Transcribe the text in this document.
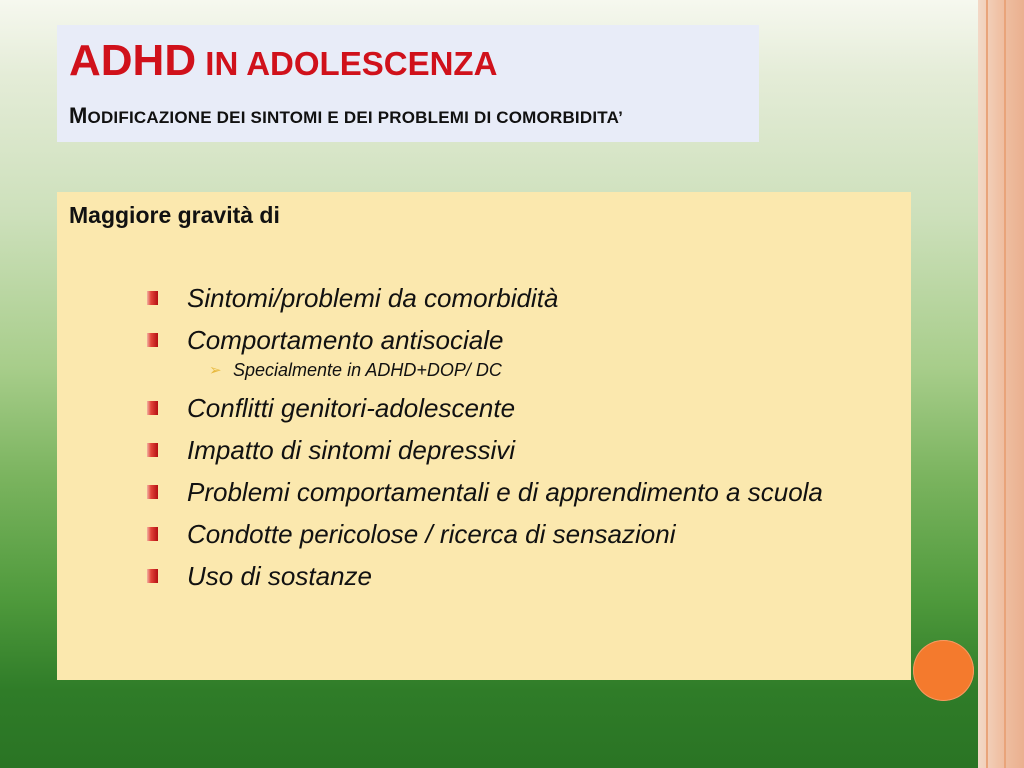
ADHD IN ADOLESCENZA

MODIFICAZIONE DEI SINTOMI E DEI PROBLEMI DI COMORBIDITA’

Maggiore gravità di

Sintomi/problemi da comorbidità
Comportamento antisociale
➢ Specialmente in ADHD+DOP/ DC
Conflitti genitori-adolescente
Impatto di sintomi depressivi
Problemi comportamentali e di apprendimento a scuola
Condotte pericolose / ricerca di sensazioni
Uso di sostanze
